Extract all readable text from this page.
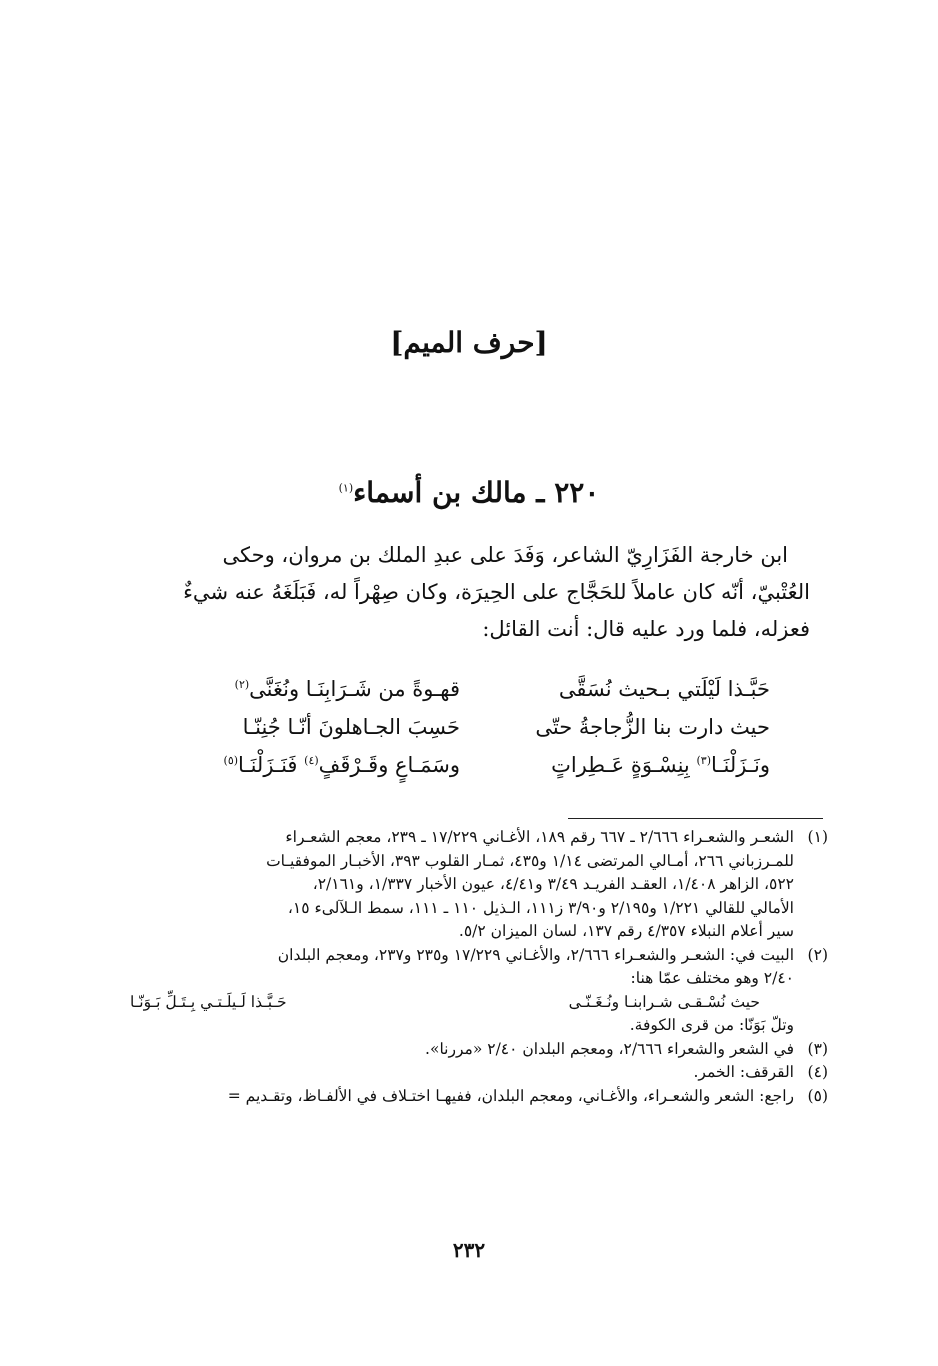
[حرف الميم]
٢٢٠ ـ مالك بن أسماء$^{(١)}$
ابن خارجة الفَزَارِيّ الشاعر، وَفَدَ على عبدِ الملك بن مروان، وحكى
العُتْبيّ، أنّه كان عاملاً للحَجَّاج على الحِيرَة، وكان صِهْراً له، فَبَلَغَهُ عنه شيءٌ
فعزله، فلما ورد عليه قال: أنت القائل:
حَبَّـذا لَيْلَتي بـحيث نُسَقَّى
قهـوةً من شَـرَابِنَـا ونُغَنَّى$^{(٢)}$
حيث دارت بنا الزُّجاجةُ حتّى
حَسِبَ الجـاهلونَ أنّـا جُنِنّـا
ونَـزَلْنَـا$^{(٣)}$ بِنِسْـوَةٍ عَـطِراتٍ
وسَمَـاعٍ وقَـرْقَفٍ$^{(٤)}$ فَنَـزَلْنَـا$^{(٥)}$
(١)
الشعـر والشعـراء ٢/٦٦٦ ـ ٦٦٧ رقم ١٨٩، الأغـاني ١٧/٢٢٩ ـ ٢٣٩، معجم الشعـراء
للمـرزباني ٢٦٦، أمـالي المرتضى ١/١٤ و٤٣٥، ثمـار القلوب ٣٩٣، الأخبـار الموفقيـات
٥٢٢، الزاهر ١/٤٠٨، العقـد الفريـد ٣/٤٩ و٤/٤١، عيون الأخبار ١/٣٣٧، و٢/١٦١،
الأمالي للقالي ١/٢٢١ و٢/١٩٥ و٣/٩٠ ز١١١، الـذيل ١١٠ ـ ١١١، سمط الـلآلىء ١٥،
سير أعلام النبلاء ٤/٣٥٧ رقم ١٣٧، لسان الميزان ٥/٢.
(٢)
البيت في: الشعـر والشعـراء ٢/٦٦٦، والأغـاني ١٧/٢٢٩ و٢٣٥ و٢٣٧، ومعجم البلدان
٢/٤٠ وهو مختلف عمّا هنا:
حيث نُسْـقـى شـرابنـا ونُـغَـنّـى
حَـبَّـذا لَـيلَـتـي بِـتَـلِّ بَـوَنّـا
وتلّ بَوَنّا: من قرى الكوفة.
(٣)
في الشعر والشعراء ٢/٦٦٦، ومعجم البلدان ٢/٤٠ «مررنا».
(٤)
القرقف: الخمر.
(٥)
راجع: الشعر والشعـراء، والأغـاني، ومعجم البلدان، ففيهـا اختـلاف في الألفـاظ، وتقـديم =
٢٣٢
